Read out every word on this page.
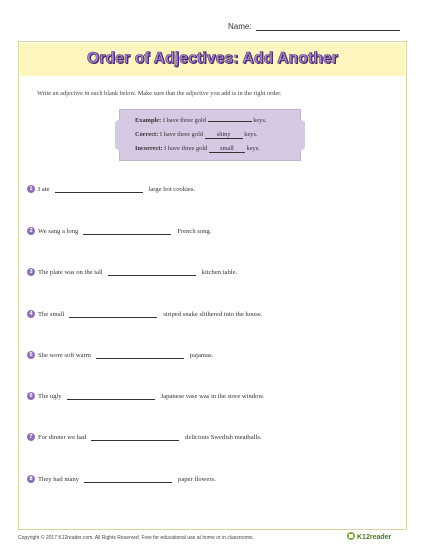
Name:
Order of Adjectives: Add Another
Write an adjective in each blank below. Make sure that the adjective you add is in the right order.
Example: I have three gold	keys.
Correct: I have three gold shiny keys.
Incorrect: I have three gold small keys.
1 I ate
	large hot cookies.
2 We sang a long
	French song.
3 The plate was on the tall
	kitchen table.
4 The small
	striped snake slithered into the house.
5 She wore soft warm
	pajamas.
6 The ugly
	Japanese vase was in the store window.
7 For dinner we had
	delicious Swedish meatballs.
8 They had many
	paper flowers.
Copyright © 2017 K12reader.com. All Rights Reserved. Free for educational use at home or in classrooms.	K12reader
